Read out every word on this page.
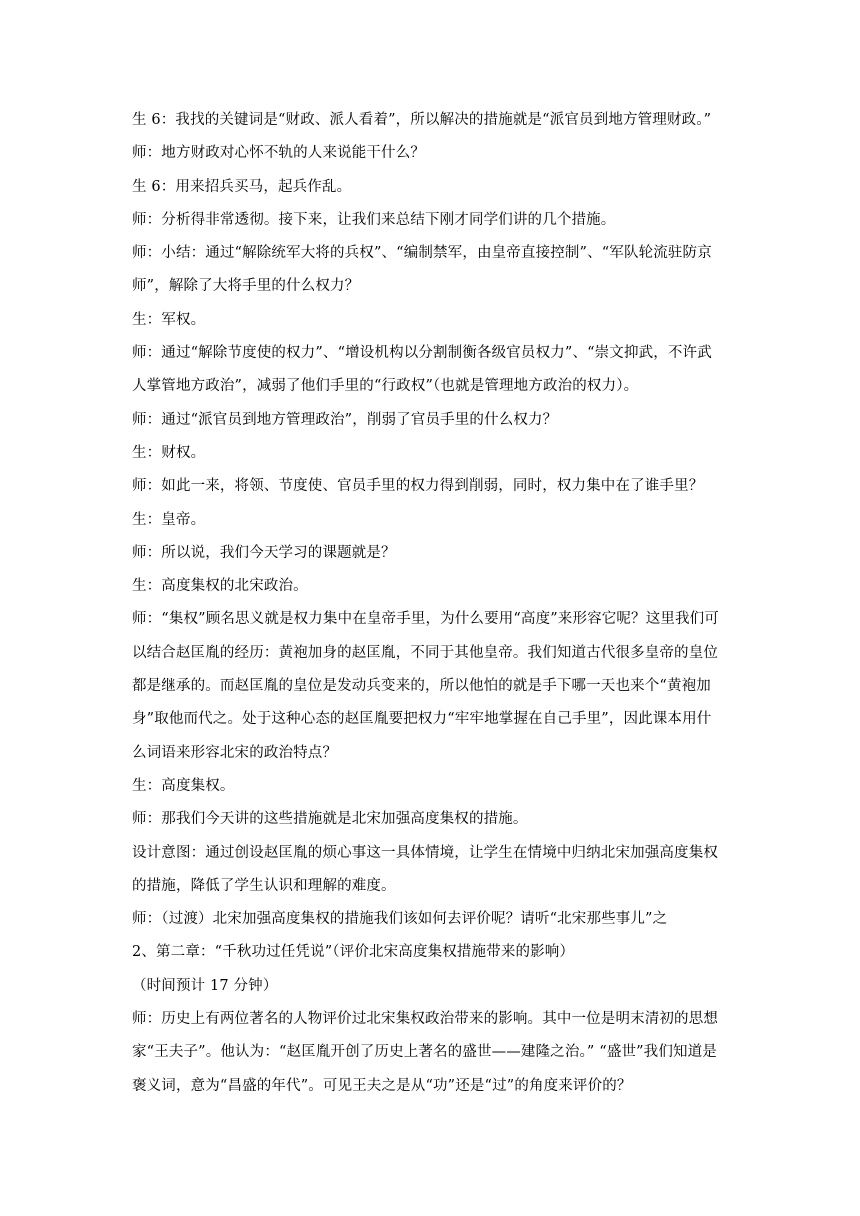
生 6：我找的关键词是“财政、派人看着”，所以解决的措施就是“派官员到地方管理财政。”
师：地方财政对心怀不轨的人来说能干什么？
生 6：用来招兵买马，起兵作乱。
师：分析得非常透彻。接下来，让我们来总结下刚才同学们讲的几个措施。
师：小结：通过“解除统军大将的兵权”、“编制禁军，由皇帝直接控制”、“军队轮流驻防京
师”，解除了大将手里的什么权力？
生：军权。
师：通过“解除节度使的权力”、“增设机构以分割制衡各级官员权力”、“崇文抑武，不许武
人掌管地方政治”，减弱了他们手里的“行政权”（也就是管理地方政治的权力）。
师：通过“派官员到地方管理政治”，削弱了官员手里的什么权力？
生：财权。
师：如此一来，将领、节度使、官员手里的权力得到削弱，同时，权力集中在了谁手里？
生：皇帝。
师：所以说，我们今天学习的课题就是？
生：高度集权的北宋政治。
师：“集权”顾名思义就是权力集中在皇帝手里，为什么要用“高度”来形容它呢？这里我们可
以结合赵匡胤的经历：黄袍加身的赵匡胤，不同于其他皇帝。我们知道古代很多皇帝的皇位
都是继承的。而赵匡胤的皇位是发动兵变来的，所以他怕的就是手下哪一天也来个“黄袍加
身”取他而代之。处于这种心态的赵匡胤要把权力“牢牢地掌握在自己手里”，因此课本用什
么词语来形容北宋的政治特点？
生：高度集权。
师：那我们今天讲的这些措施就是北宋加强高度集权的措施。
设计意图：通过创设赵匡胤的烦心事这一具体情境，让学生在情境中归纳北宋加强高度集权
的措施，降低了学生认识和理解的难度。
师：（过渡）北宋加强高度集权的措施我们该如何去评价呢？请听“北宋那些事儿”之
2、第二章：“千秋功过任凭说”（评价北宋高度集权措施带来的影响）
（时间预计 17 分钟）
师：历史上有两位著名的人物评价过北宋集权政治带来的影响。其中一位是明末清初的思想
家“王夫子”。他认为：“赵匡胤开创了历史上著名的盛世——建隆之治。” “盛世”我们知道是
褒义词，意为“昌盛的年代”。可见王夫之是从“功”还是“过”的角度来评价的？
